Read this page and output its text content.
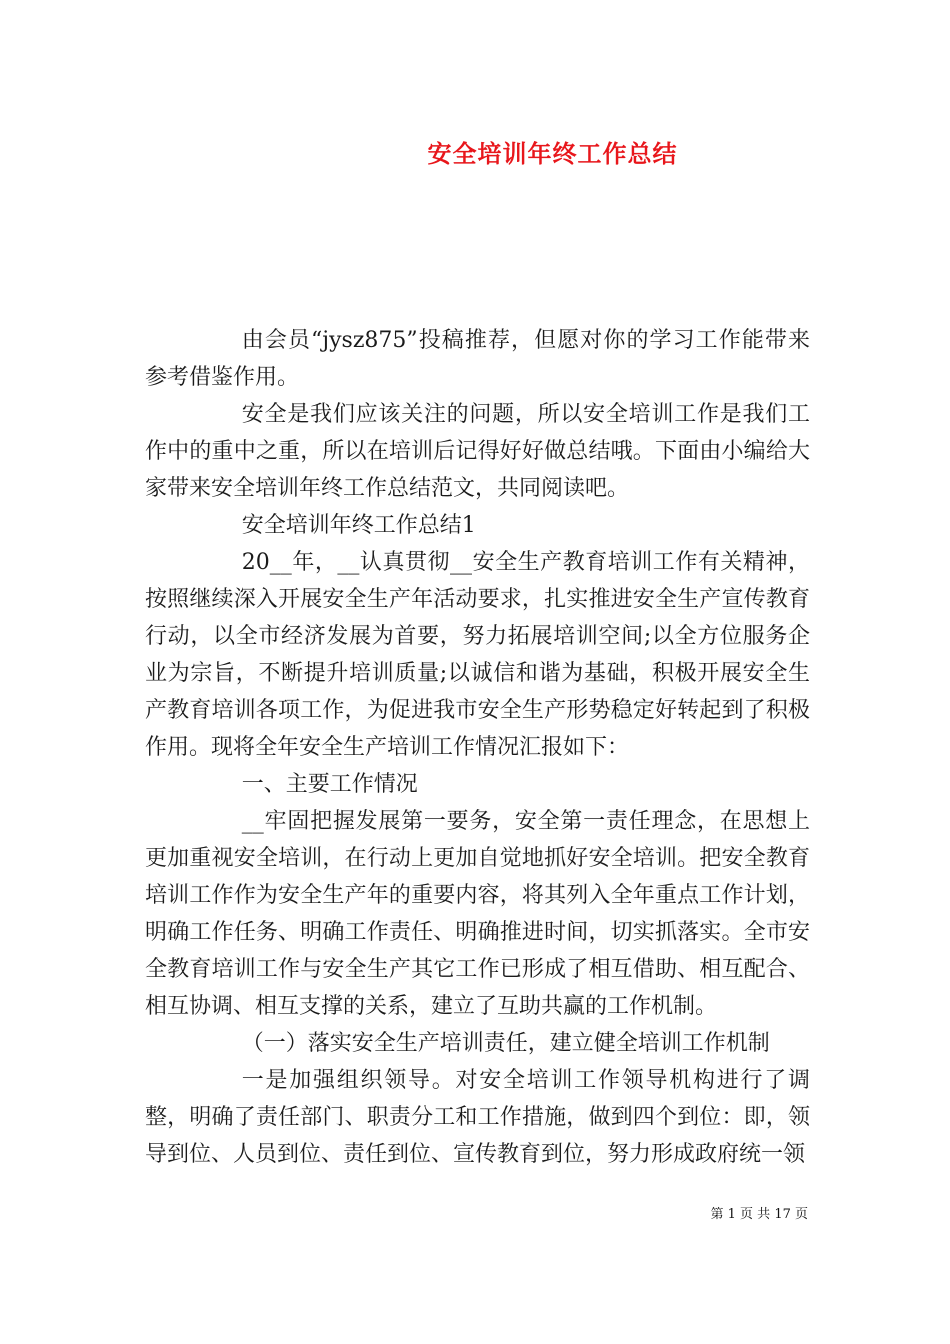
安全培训年终工作总结

由会员“jysz875”投稿推荐，但愿对你的学习工作能带来参考借鉴作用。

安全是我们应该关注的问题，所以安全培训工作是我们工作中的重中之重，所以在培训后记得好好做总结哦。下面由小编给大家带来安全培训年终工作总结范文，共同阅读吧。

安全培训年终工作总结1

20__年，__认真贯彻__安全生产教育培训工作有关精神，按照继续深入开展安全生产年活动要求，扎实推进安全生产宣传教育行动，以全市经济发展为首要，努力拓展培训空间;以全方位服务企业为宗旨，不断提升培训质量;以诚信和谐为基础，积极开展安全生产教育培训各项工作，为促进我市安全生产形势稳定好转起到了积极作用。现将全年安全生产培训工作情况汇报如下：

一、主要工作情况

__牢固把握发展第一要务，安全第一责任理念，在思想上更加重视安全培训，在行动上更加自觉地抓好安全培训。把安全教育培训工作作为安全生产年的重要内容，将其列入全年重点工作计划，明确工作任务、明确工作责任、明确推进时间，切实抓落实。全市安全教育培训工作与安全生产其它工作已形成了相互借助、相互配合、相互协调、相互支撑的关系，建立了互助共赢的工作机制。

（一）落实安全生产培训责任，建立健全培训工作机制

一是加强组织领导。对安全培训工作领导机构进行了调整，明确了责任部门、职责分工和工作措施，做到四个到位：即，领导到位、人员到位、责任到位、宣传教育到位，努力形成政府统一领

第 1 页 共 17 页
